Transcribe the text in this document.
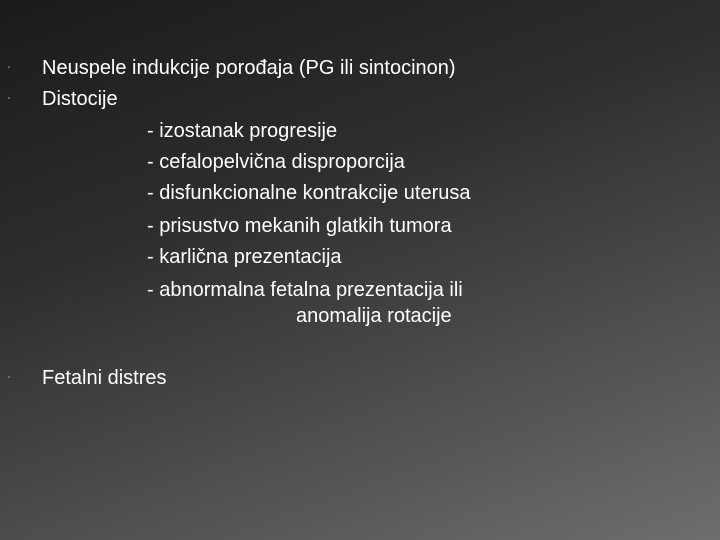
▫ Neuspele indukcije porođaja (PG ili sintocinon)
▫ Distocije
- izostanak progresije
- cefalopelvična disproporcija
- disfunkcionalne kontrakcije uterusa
- prisustvo mekanih glatkih tumora
- karlična prezentacija
- abnormalna fetalna prezentacija ili
anomalija rotacije
▫ Fetalni distres
